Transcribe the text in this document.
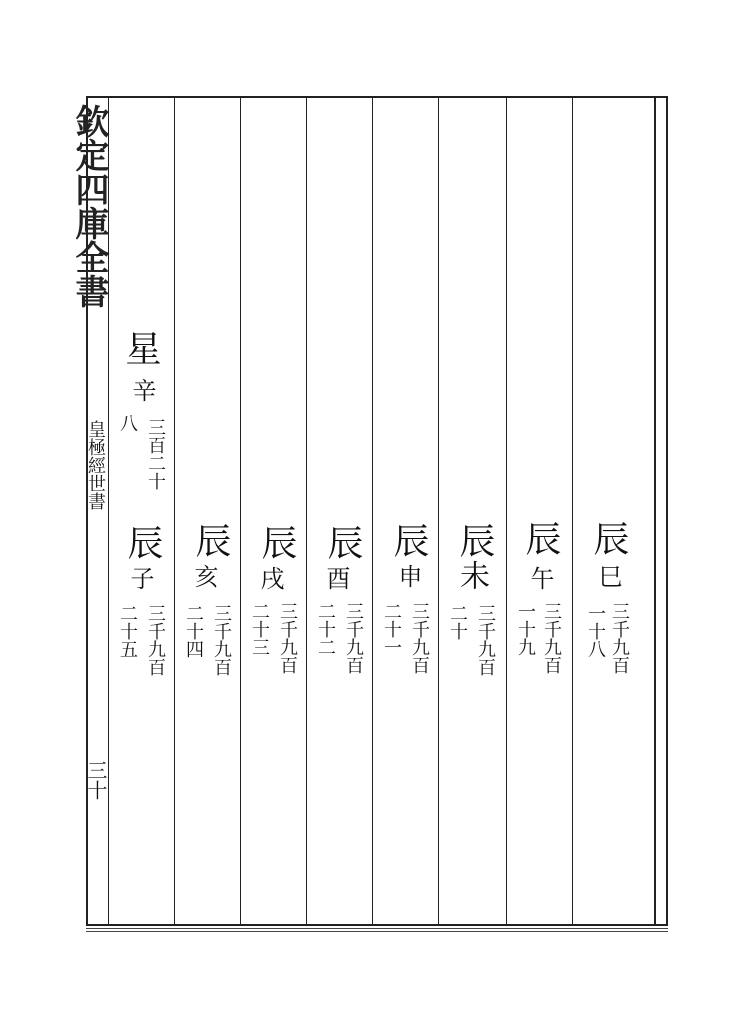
欽定四庫全書
皇極經世書
三十
辰
巳
三千九百
一十八
辰
午
三千九百
一十九
辰
未
三千九百
二十
辰
申
三千九百
二十一
辰
酉
三千九百
二十二
辰
戌
三千九百
二十三
辰
亥
三千九百
二十四
星
辛
三百二十
八
辰
子
三千九百
二十五
